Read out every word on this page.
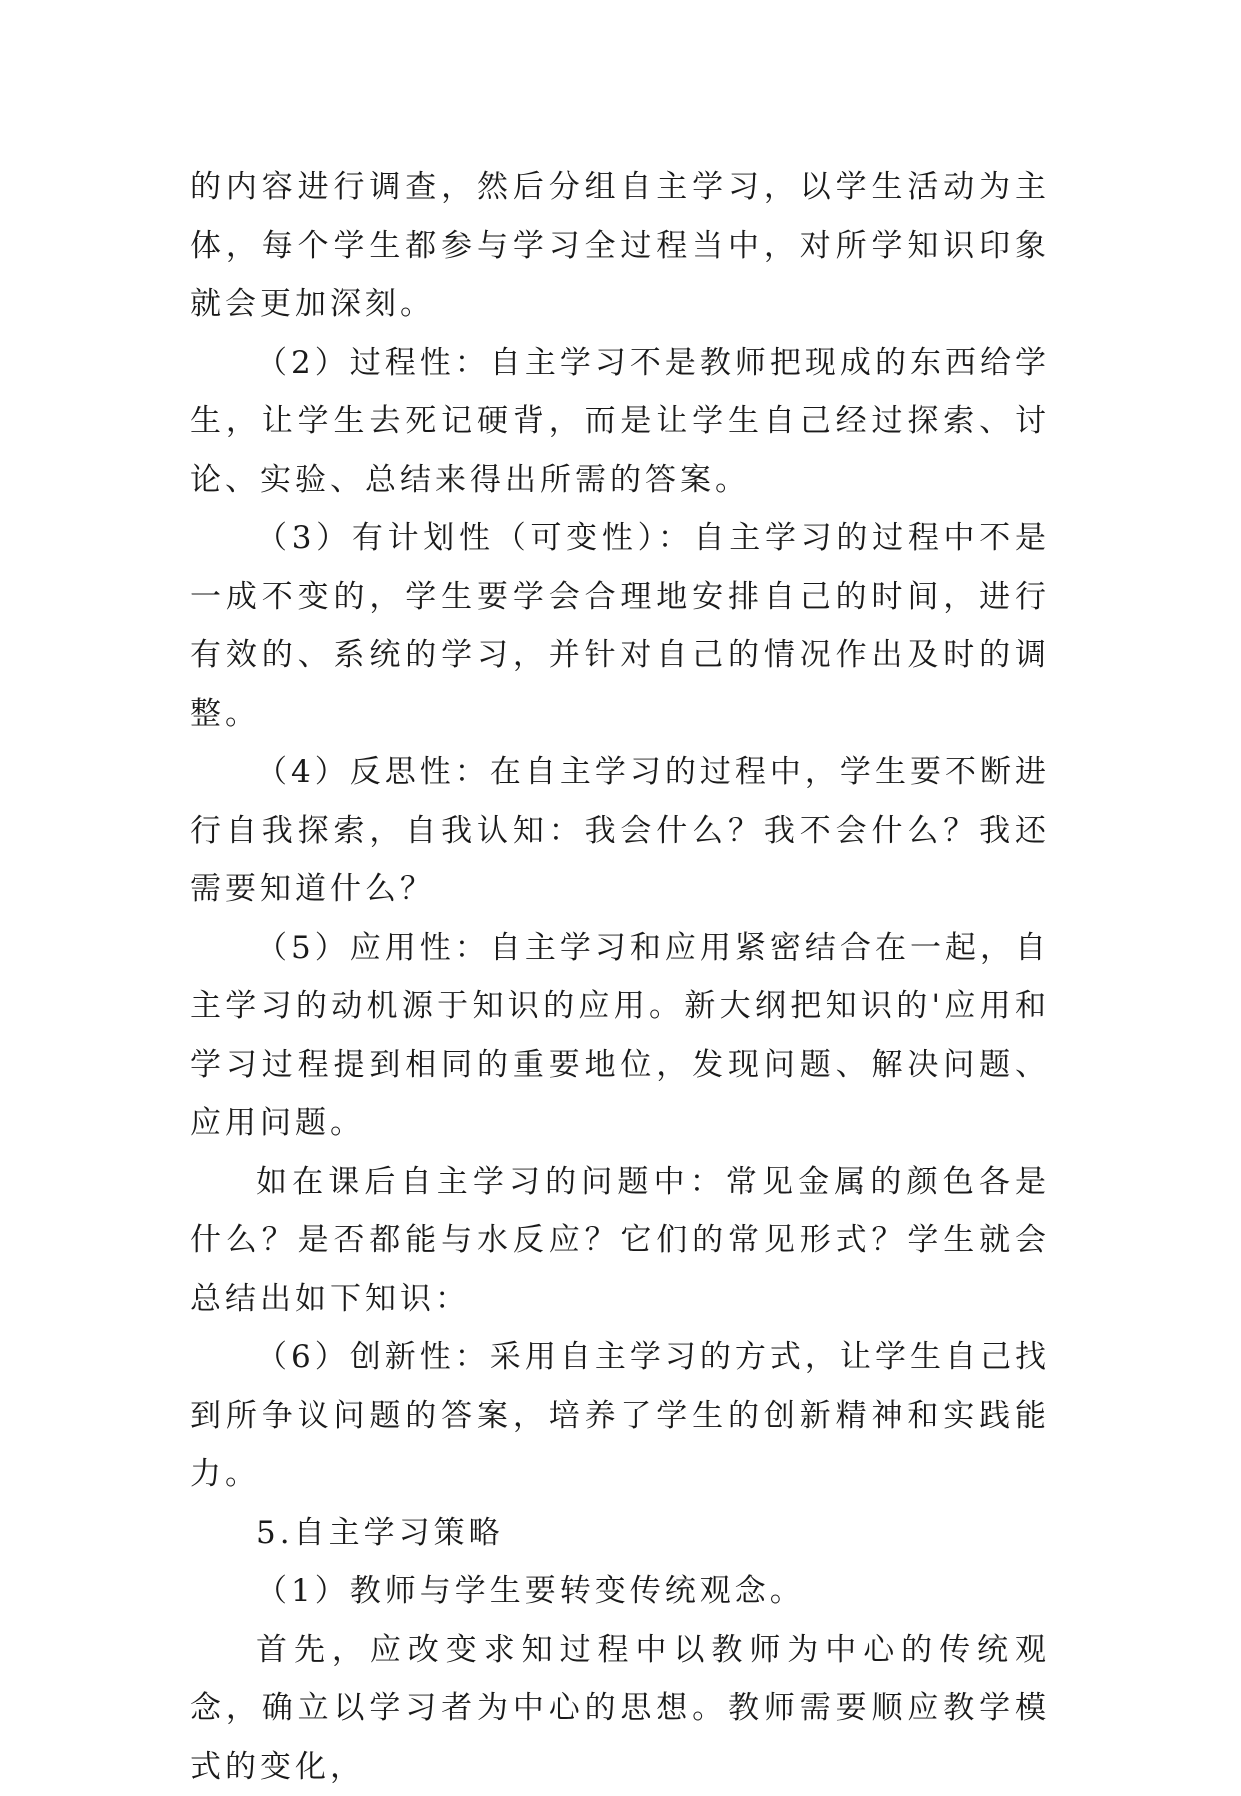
的内容进行调查，然后分组自主学习，以学生活动为主体，每个学生都参与学习全过程当中，对所学知识印象就会更加深刻。

（2）过程性：自主学习不是教师把现成的东西给学生，让学生去死记硬背，而是让学生自己经过探索、讨论、实验、总结来得出所需的答案。

（3）有计划性（可变性）：自主学习的过程中不是一成不变的，学生要学会合理地安排自己的时间，进行有效的、系统的学习，并针对自己的情况作出及时的调整。

（4）反思性：在自主学习的过程中，学生要不断进行自我探索，自我认知：我会什么？我不会什么？我还需要知道什么？

（5）应用性：自主学习和应用紧密结合在一起，自主学习的动机源于知识的应用。新大纲把知识的'应用和学习过程提到相同的重要地位，发现问题、解决问题、应用问题。

如在课后自主学习的问题中：常见金属的颜色各是什么？是否都能与水反应？它们的常见形式？学生就会总结出如下知识：

（6）创新性：采用自主学习的方式，让学生自己找到所争议问题的答案，培养了学生的创新精神和实践能力。

5.自主学习策略

（1）教师与学生要转变传统观念。

首先，应改变求知过程中以教师为中心的传统观念，确立以学习者为中心的思想。教师需要顺应教学模式的变化，
